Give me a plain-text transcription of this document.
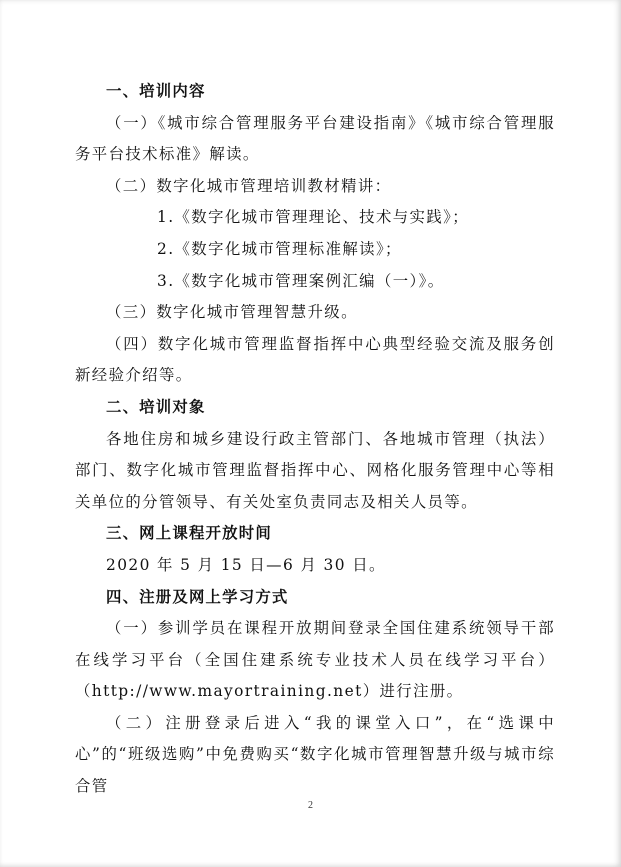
一、培训内容
（一）《城市综合管理服务平台建设指南》《城市综合管理服务平台技术标准》解读。
（二）数字化城市管理培训教材精讲：
1.《数字化城市管理理论、技术与实践》；
2.《数字化城市管理标准解读》；
3.《数字化城市管理案例汇编（一）》。
（三）数字化城市管理智慧升级。
（四）数字化城市管理监督指挥中心典型经验交流及服务创新经验介绍等。
二、培训对象
各地住房和城乡建设行政主管部门、各地城市管理（执法）部门、数字化城市管理监督指挥中心、网格化服务管理中心等相关单位的分管领导、有关处室负责同志及相关人员等。
三、网上课程开放时间
2020 年 5 月 15 日—6 月 30 日。
四、注册及网上学习方式
（一）参训学员在课程开放期间登录全国住建系统领导干部在线学习平台（全国住建系统专业技术人员在线学习平台）（http://www.mayortraining.net）进行注册。
（二）注册登录后进入“我的课堂入口”，在“选课中心”的“班级选购”中免费购买“数字化城市管理智慧升级与城市综合管
2
